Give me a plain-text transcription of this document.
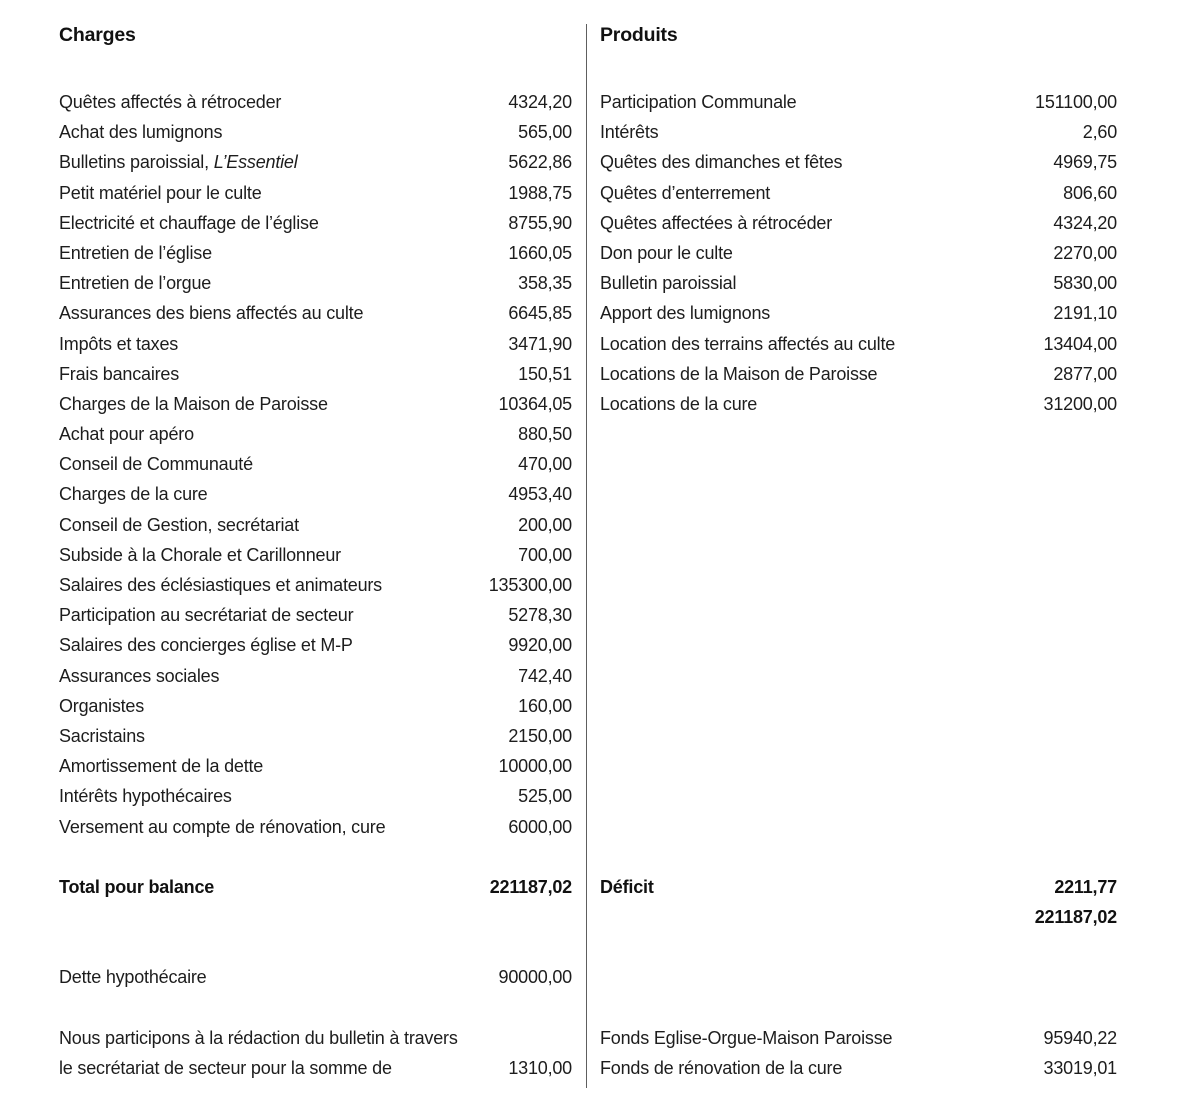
Charges
Quêtes affectés à rétroceder	4324,20
Achat des lumignons	565,00
Bulletins paroissial, L’Essentiel	5622,86
Petit matériel pour le culte	1988,75
Electricité et chauffage de l’église	8755,90
Entretien de l’église	1660,05
Entretien de l’orgue	358,35
Assurances des biens affectés au culte	6645,85
Impôts et taxes	3471,90
Frais bancaires	150,51
Charges de la Maison de Paroisse	10364,05
Achat pour apéro	880,50
Conseil de Communauté	470,00
Charges de la cure	4953,40
Conseil de Gestion, secrétariat	200,00
Subside à la Chorale et Carillonneur	700,00
Salaires des éclésiastiques et animateurs	135300,00
Participation au secrétariat de secteur	5278,30
Salaires des concierges église et M-P	9920,00
Assurances sociales	742,40
Organistes	160,00
Sacristains	2150,00
Amortissement de la dette	10000,00
Intérêts hypothécaires	525,00
Versement au compte de rénovation, cure	6000,00
Total pour balance	221187,02
Dette hypothécaire	90000,00
Nous participons à la rédaction du bulletin à travers
le secrétariat de secteur pour la somme de	1310,00
Produits
Participation Communale	151100,00
Intérêts	2,60
Quêtes des dimanches et fêtes	4969,75
Quêtes d’enterrement	806,60
Quêtes affectées à rétrocéder	4324,20
Don pour le culte	2270,00
Bulletin paroissial	5830,00
Apport des lumignons	2191,10
Location des terrains affectés au culte	13404,00
Locations de la Maison de Paroisse	2877,00
Locations de la cure	31200,00
Déficit	2211,77
221187,02
Fonds Eglise-Orgue-Maison Paroisse	95940,22
Fonds de rénovation de la cure	33019,01
